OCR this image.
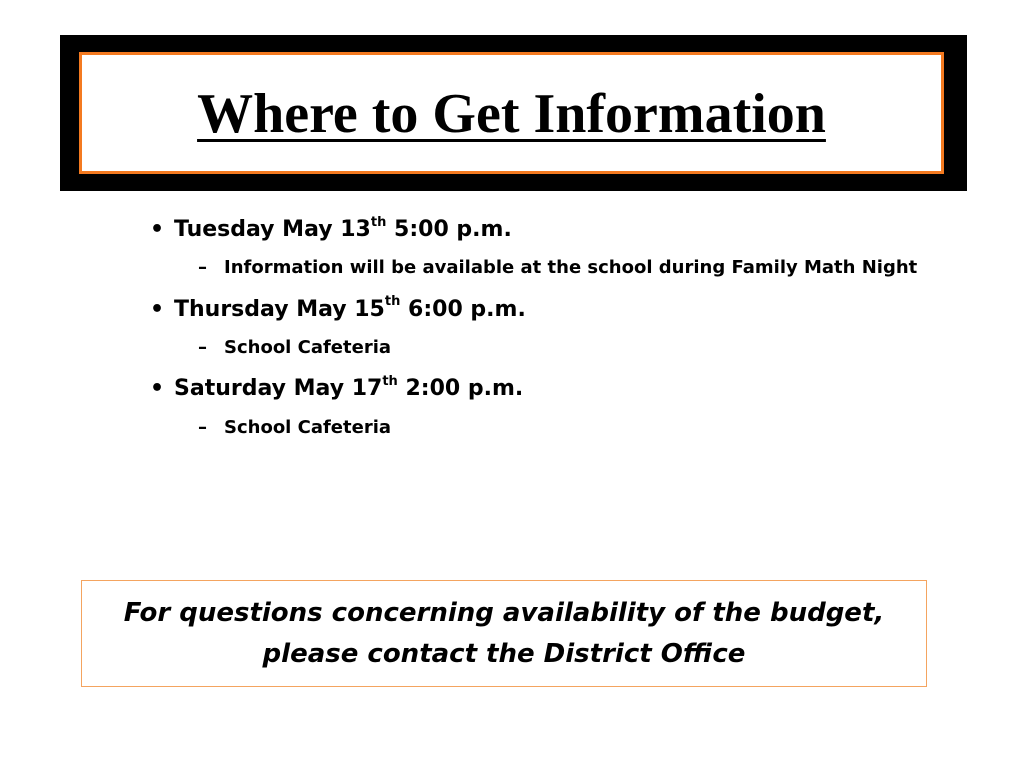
Where to Get Information
• Tuesday May 13th 5:00 p.m.
– Information will be available at the school during Family Math Night
• Thursday May 15th 6:00 p.m.
– School Cafeteria
• Saturday May 17th 2:00 p.m.
– School Cafeteria
For questions concerning availability of the budget, please contact the District Office
